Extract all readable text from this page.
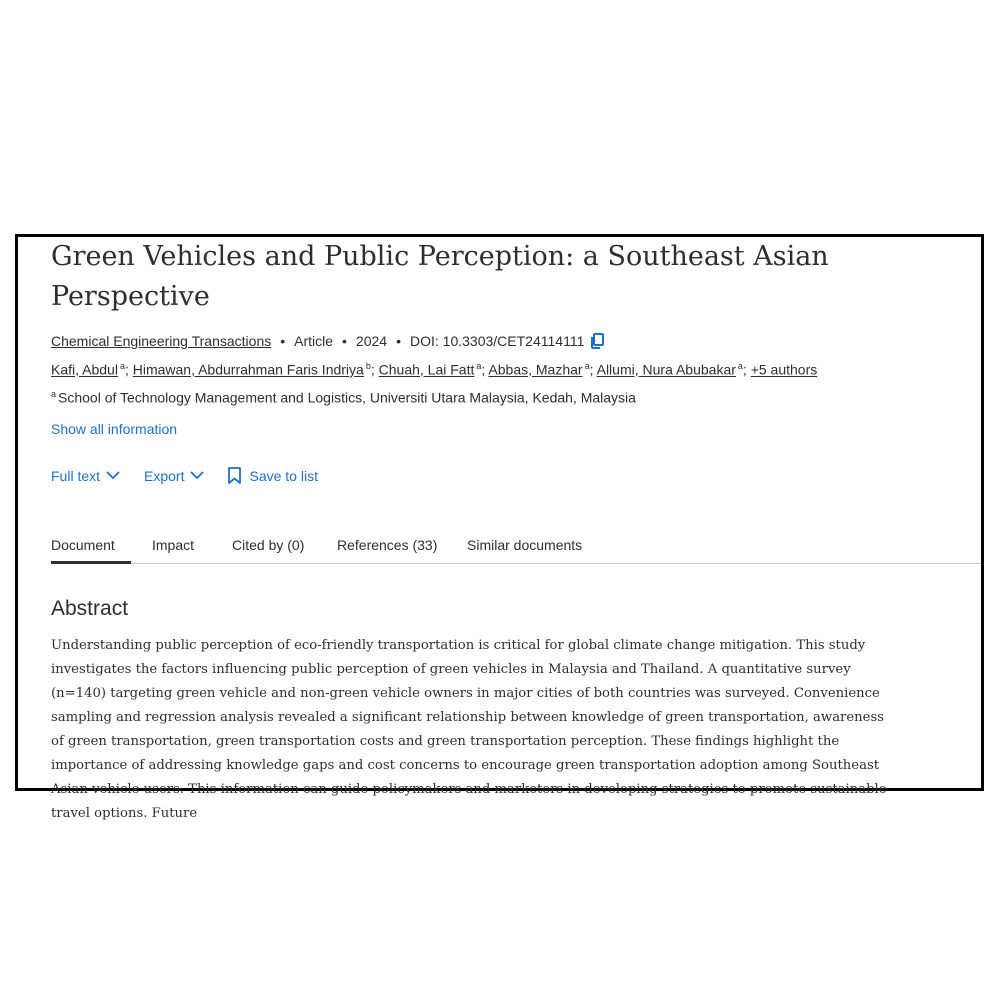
Green Vehicles and Public Perception: a Southeast Asian Perspective
Chemical Engineering Transactions • Article • 2024 • DOI: 10.3303/CET24114111
Kafi, Abdul $^a$; Himawan, Abdurrahman Faris Indriya $^b$; Chuah, Lai Fatt $^a$; Abbas, Mazhar $^a$; Allumi, Nura Abubakar $^a$; +5 authors
$^a$ School of Technology Management and Logistics, Universiti Utara Malaysia, Kedah, Malaysia
Show all information
Full text	Export	Save to list
Document	Impact	Cited by (0) References (33) Similar documents
Abstract

Understanding public perception of eco-friendly transportation is critical for global climate change mitigation. This study investigates the factors influencing public perception of green vehicles in Malaysia and Thailand. A quantitative survey (n=140) targeting green vehicle and non-green vehicle owners in major cities of both countries was surveyed. Convenience sampling and regression analysis revealed a significant relationship between knowledge of green transportation, awareness of green transportation, green transportation costs and green transportation perception. These findings highlight the importance of addressing knowledge gaps and cost concerns to encourage green transportation adoption among Southeast Asian vehicle users. This information can guide policymakers and marketers in developing strategies to promote sustainable travel options. Future
